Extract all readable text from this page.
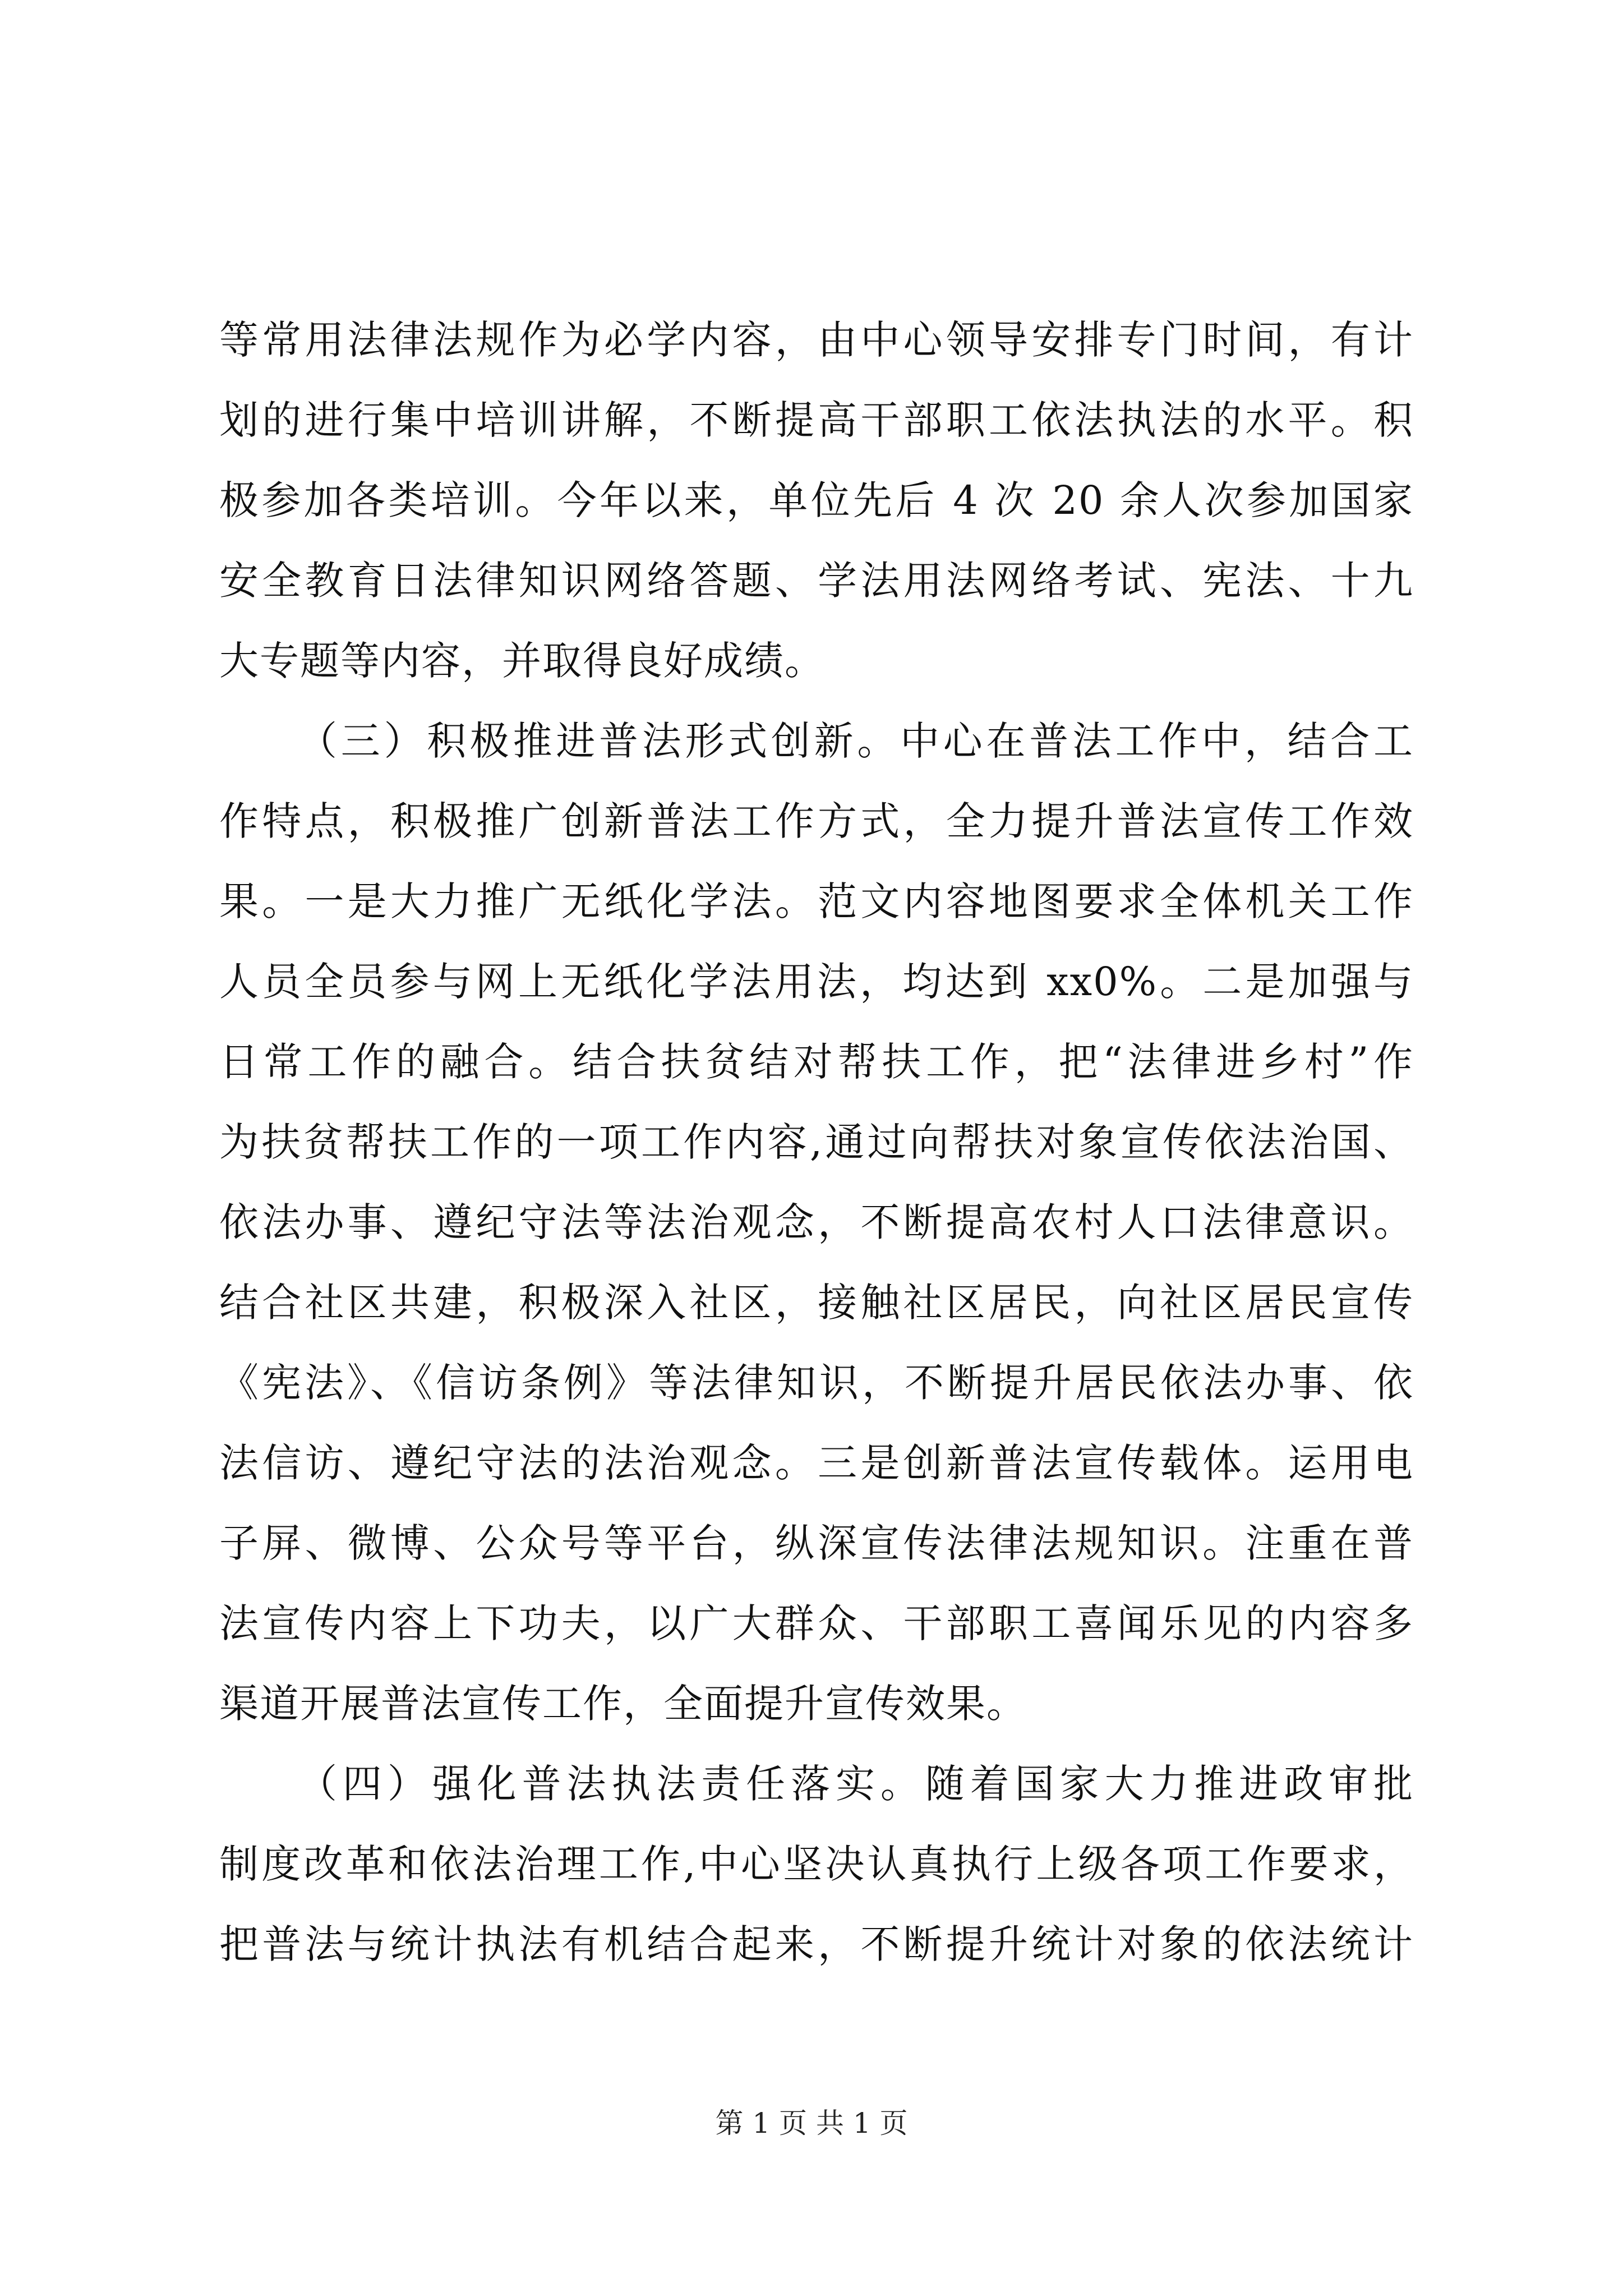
等常用法律法规作为必学内容，由中心领导安排专门时间，有计
划的进行集中培训讲解，不断提高干部职工依法执法的水平。积
极参加各类培训。今年以来，单位先后 4 次 20 余人次参加国家
安全教育日法律知识网络答题、学法用法网络考试、宪法、十九
大专题等内容，并取得良好成绩。
（三）积极推进普法形式创新。中心在普法工作中，结合工
作特点，积极推广创新普法工作方式，全力提升普法宣传工作效
果。一是大力推广无纸化学法。范文内容地图要求全体机关工作
人员全员参与网上无纸化学法用法，均达到 xx0%。二是加强与
日常工作的融合。结合扶贫结对帮扶工作，把“法律进乡村”作
为扶贫帮扶工作的一项工作内容,通过向帮扶对象宣传依法治国、
依法办事、遵纪守法等法治观念，不断提高农村人口法律意识。
结合社区共建，积极深入社区，接触社区居民，向社区居民宣传
《宪法》、《信访条例》等法律知识，不断提升居民依法办事、依
法信访、遵纪守法的法治观念。三是创新普法宣传载体。运用电
子屏、微博、公众号等平台，纵深宣传法律法规知识。注重在普
法宣传内容上下功夫，以广大群众、干部职工喜闻乐见的内容多
渠道开展普法宣传工作，全面提升宣传效果。
（四）强化普法执法责任落实。随着国家大力推进政审批
制度改革和依法治理工作,中心坚决认真执行上级各项工作要求，
把普法与统计执法有机结合起来，不断提升统计对象的依法统计
第 1 页 共 1 页
